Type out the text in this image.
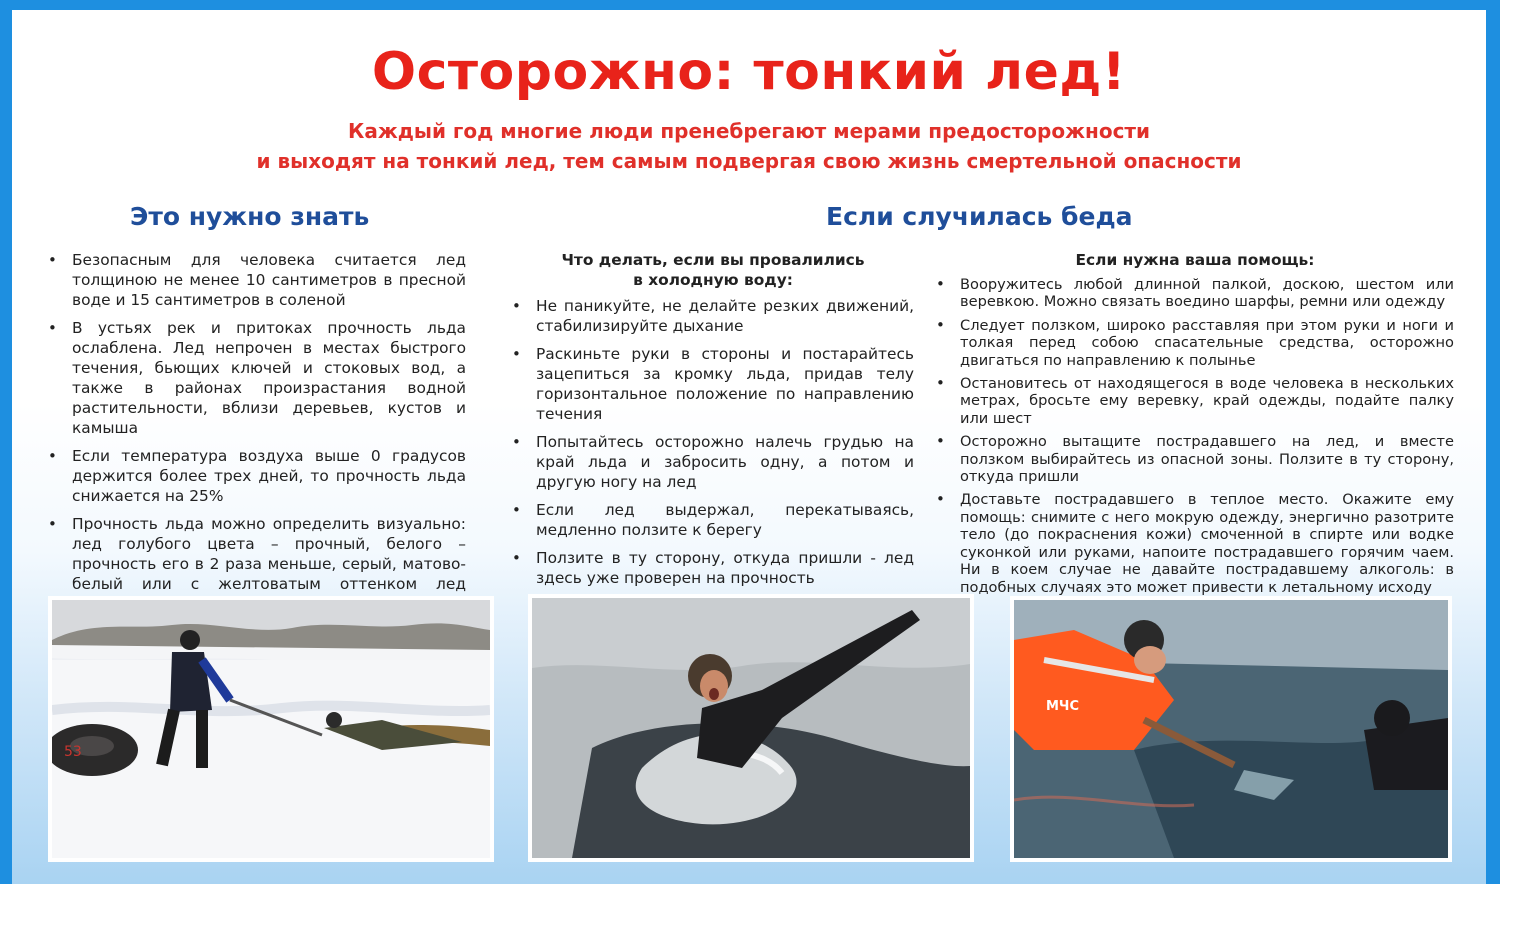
Осторожно: тонкий лед!
Каждый год многие люди пренебрегают мерами предосторожности
и выходят на тонкий лед, тем самым подвергая свою жизнь смертельной опасности
Это нужно знать	Если случилась беда
• Безопасным для человека считается лед толщиною не менее 10 сантиметров в пресной воде и 15 сантиметров в соленой
• В устьях рек и притоках прочность льда ослаблена. Лед непрочен в местах быстрого течения, бьющих ключей и стоковых вод, а также в районах произрастания водной растительности, вблизи деревьев, кустов и камыша
• Если температура воздуха выше 0 градусов держится более трех дней, то прочность льда снижается на 25%
• Прочность льда можно определить визуально: лед голубого цвета – прочный, белого – прочность его в 2 раза меньше, серый, матово-белый или с желтоватым оттенком лед
Что делать, если вы провалились
в холодную воду:
• Не паникуйте, не делайте резких движений, стабилизируйте дыхание
• Раскиньте руки в стороны и постарайтесь зацепиться за кромку льда, придав телу горизонтальное положение по направлению течения
• Попытайтесь осторожно налечь грудью на край льда и забросить одну, а потом и другую ногу на лед
• Если лед выдержал, перекатываясь, медленно ползите к берегу
• Ползите в ту сторону, откуда пришли - лед здесь уже проверен на прочность
Если нужна ваша помощь:
• Вооружитесь любой длинной палкой, доскою, шестом или веревкою. Можно связать воедино шарфы, ремни или одежду
• Следует ползком, широко расставляя при этом руки и ноги и толкая перед собою спасательные средства, осторожно двигаться по направлению к полынье
• Остановитесь от находящегося в воде человека в нескольких метрах, бросьте ему веревку, край одежды, подайте палку или шест
• Осторожно вытащите пострадавшего на лед, и вместе ползком выбирайтесь из опасной зоны. Ползите в ту сторону, откуда пришли
• Доставьте пострадавшего в теплое место. Окажите ему помощь: снимите с него мокрую одежду, энергично разотрите тело (до покраснения кожи) смоченной в спирте или водке суконкой или руками, напоите пострадавшего горячим чаем. Ни в коем случае не давайте пострадавшему алкоголь: в подобных случаях это может привести к летальному исходу
53
МЧС
